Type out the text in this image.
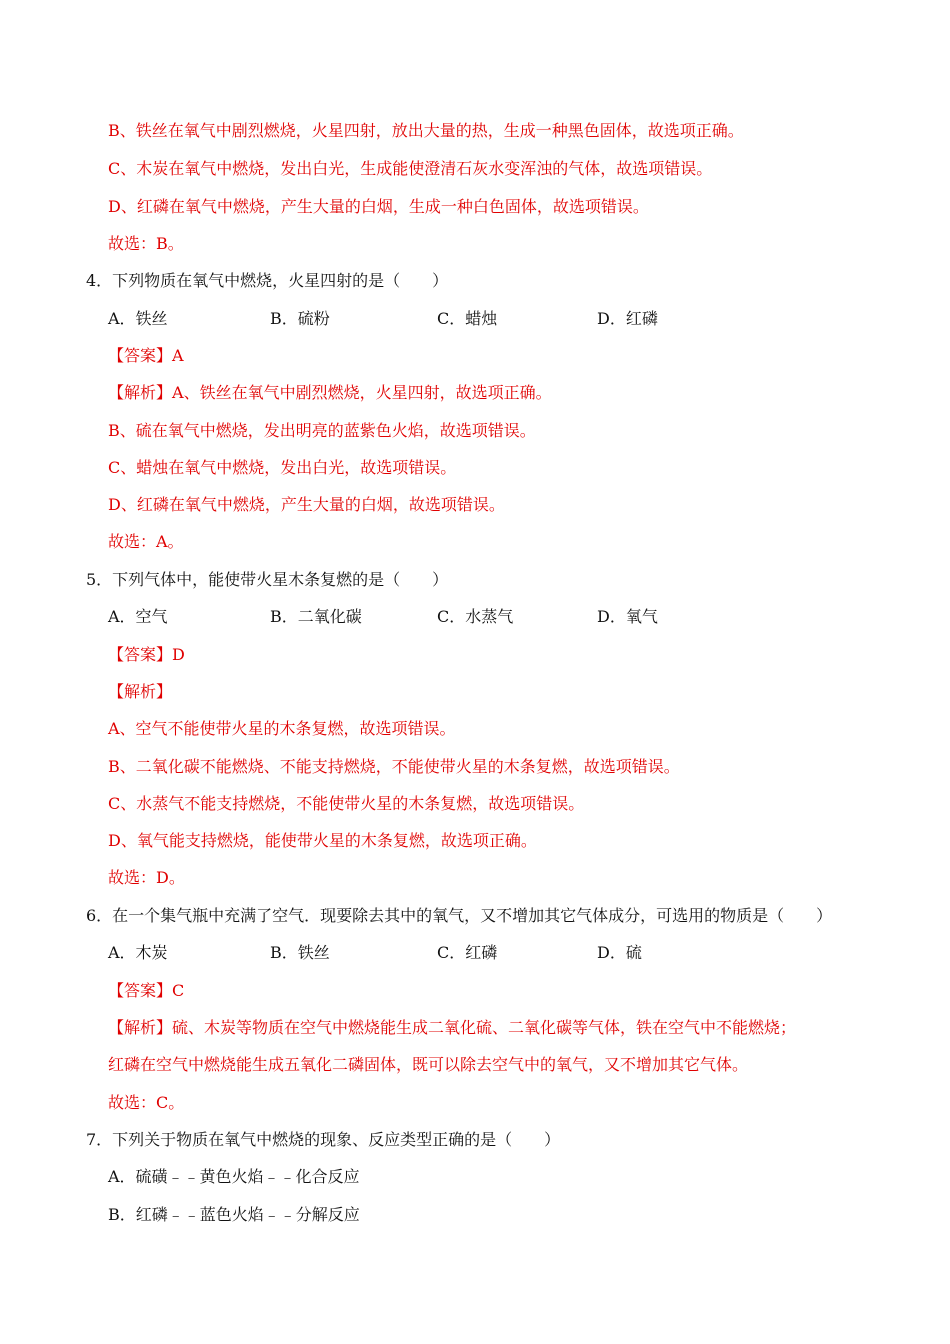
B、铁丝在氧气中剧烈燃烧，火星四射，放出大量的热，生成一种黑色固体，故选项正确。
C、木炭在氧气中燃烧，发出白光，生成能使澄清石灰水变浑浊的气体，故选项错误。
D、红磷在氧气中燃烧，产生大量的白烟，生成一种白色固体，故选项错误。
故选：B。
4．下列物质在氧气中燃烧，火星四射的是（　　）
A．铁丝	B．硫粉	C．蜡烛	D．红磷
【答案】A
【解析】A、铁丝在氧气中剧烈燃烧，火星四射，故选项正确。
B、硫在氧气中燃烧，发出明亮的蓝紫色火焰，故选项错误。
C、蜡烛在氧气中燃烧，发出白光，故选项错误。
D、红磷在氧气中燃烧，产生大量的白烟，故选项错误。
故选：A。
5．下列气体中，能使带火星木条复燃的是（　　）
A．空气	B．二氧化碳	C．水蒸气	D．氧气
【答案】D
【解析】
A、空气不能使带火星的木条复燃，故选项错误。
B、二氧化碳不能燃烧、不能支持燃烧，不能使带火星的木条复燃，故选项错误。
C、水蒸气不能支持燃烧，不能使带火星的木条复燃，故选项错误。
D、氧气能支持燃烧，能使带火星的木条复燃，故选项正确。
故选：D。
6．在一个集气瓶中充满了空气．现要除去其中的氧气，又不增加其它气体成分，可选用的物质是（　　）
A．木炭	B．铁丝	C．红磷	D．硫
【答案】C
【解析】硫、木炭等物质在空气中燃烧能生成二氧化硫、二氧化碳等气体，铁在空气中不能燃烧；
红磷在空气中燃烧能生成五氧化二磷固体，既可以除去空气中的氧气，又不增加其它气体。
故选：C。
7．下列关于物质在氧气中燃烧的现象、反应类型正确的是（　　）
A．硫磺﹣﹣黄色火焰﹣﹣化合反应
B．红磷﹣﹣蓝色火焰﹣﹣分解反应
